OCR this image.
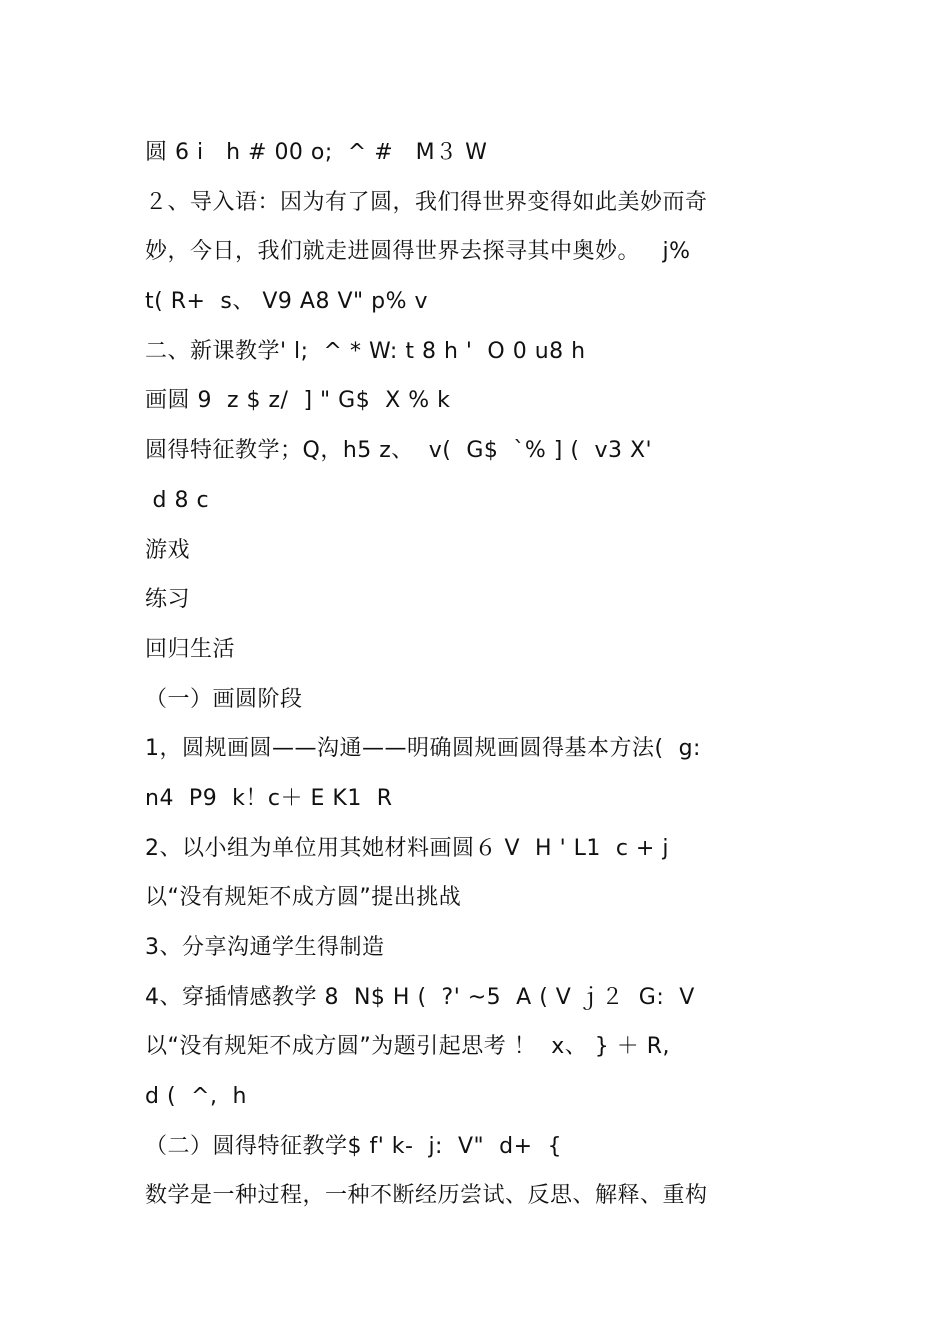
圆 6 i   h # 00 o;  ^ #   M３ W
２、导入语：因为有了圆，我们得世界变得如此美妙而奇
妙，今日，我们就走进圆得世界去探寻其中奥妙。   j%
t( R+  s、 V9 A8 V" p% v
二、新课教学' l;  ^ * W: t 8 h '  O 0 u8 h
画圆 9  z $ z/  ] " G$  X % k
圆得特征教学；Q，h5 z、  v(  G$  `% ] (  v3 X'
d 8 c
游戏
练习
回归生活
（一）画圆阶段
1，圆规画圆——沟通——明确圆规画圆得基本方法(  g:
n4  P9  k！c＋ E K1  R
2、以小组为单位用其她材料画圆６ V  H ' L1  c + j
以“没有规矩不成方圆”提出挑战
3、分享沟通学生得制造
4、穿插情感教学 8  N$ H (  ?' ~5  A ( V ｊ２  G:  V
以“没有规矩不成方圆”为题引起思考 ！  x、 } ＋ R,
d (  ^,  h
（二）圆得特征教学$ f' k-  j:  V"  d+  {
数学是一种过程，一种不断经历尝试、反思、解释、重构
